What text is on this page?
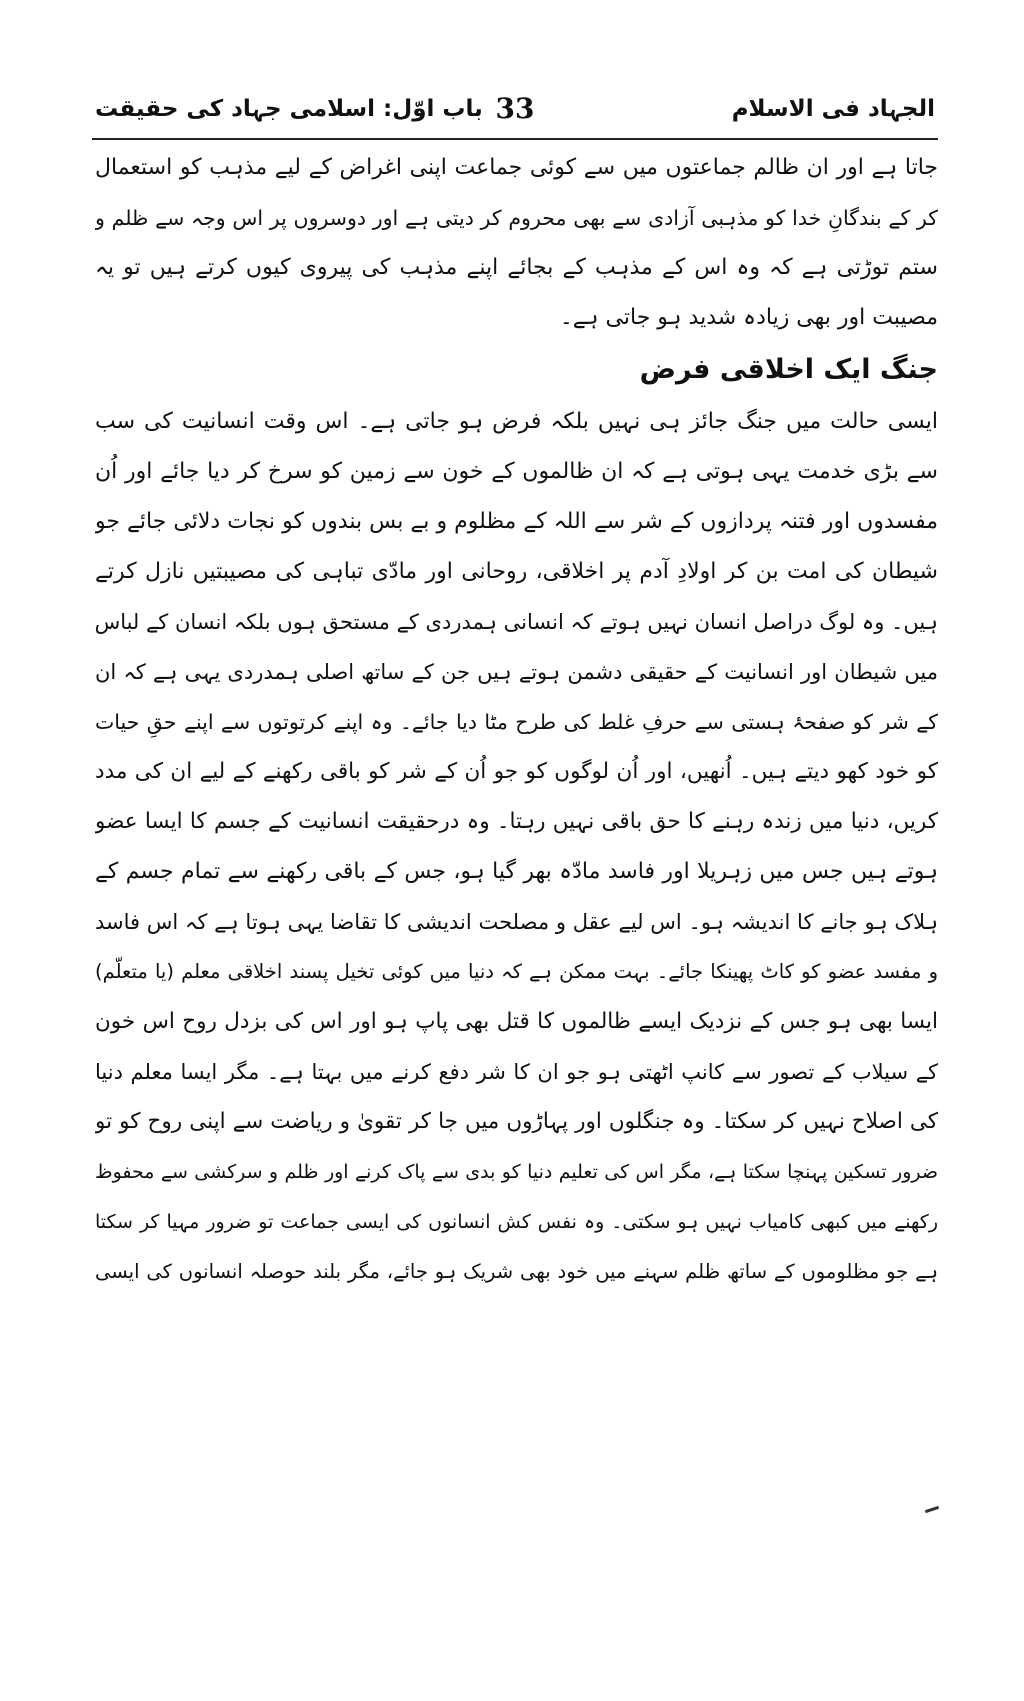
الجہاد فی الاسلام
33
باب اوّل: اسلامی جہاد کی حقیقت
جاتا ہے اور ان ظالم جماعتوں میں سے کوئی جماعت اپنی اغراض کے لیے مذہب کو استعمال
کر کے بندگانِ خدا کو مذہبی آزادی سے بھی محروم کر دیتی ہے اور دوسروں پر اس وجہ سے ظلم و
ستم توڑتی ہے کہ وہ اس کے مذہب کے بجائے اپنے مذہب کی پیروی کیوں کرتے ہیں تو یہ
مصیبت اور بھی زیادہ شدید ہو جاتی ہے۔
جنگ ایک اخلاقی فرض
ایسی حالت میں جنگ جائز ہی نہیں بلکہ فرض ہو جاتی ہے۔ اس وقت انسانیت کی سب
سے بڑی خدمت یہی ہوتی ہے کہ ان ظالموں کے خون سے زمین کو سرخ کر دیا جائے اور اُن
مفسدوں اور فتنہ پردازوں کے شر سے اللہ کے مظلوم و بے بس بندوں کو نجات دلائی جائے جو
شیطان کی امت بن کر اولادِ آدم پر اخلاقی، روحانی اور مادّی تباہی کی مصیبتیں نازل کرتے
ہیں۔ وہ لوگ دراصل انسان نہیں ہوتے کہ انسانی ہمدردی کے مستحق ہوں بلکہ انسان کے لباس
میں شیطان اور انسانیت کے حقیقی دشمن ہوتے ہیں جن کے ساتھ اصلی ہمدردی یہی ہے کہ ان
کے شر کو صفحۂ ہستی سے حرفِ غلط کی طرح مٹا دیا جائے۔ وہ اپنے کرتوتوں سے اپنے حقِ حیات
کو خود کھو دیتے ہیں۔ اُنھیں، اور اُن لوگوں کو جو اُن کے شر کو باقی رکھنے کے لیے ان کی مدد
کریں، دنیا میں زندہ رہنے کا حق باقی نہیں رہتا۔ وہ درحقیقت انسانیت کے جسم کا ایسا عضو
ہوتے ہیں جس میں زہریلا اور فاسد مادّہ بھر گیا ہو، جس کے باقی رکھنے سے تمام جسم کے
ہلاک ہو جانے کا اندیشہ ہو۔ اس لیے عقل و مصلحت اندیشی کا تقاضا یہی ہوتا ہے کہ اس فاسد
و مفسد عضو کو کاٹ پھینکا جائے۔ بہت ممکن ہے کہ دنیا میں کوئی تخیل پسند اخلاقی معلم (یا متعلّم)
ایسا بھی ہو جس کے نزدیک ایسے ظالموں کا قتل بھی پاپ ہو اور اس کی بزدل روح اس خون
کے سیلاب کے تصور سے کانپ اٹھتی ہو جو ان کا شر دفع کرنے میں بہتا ہے۔ مگر ایسا معلم دنیا
کی اصلاح نہیں کر سکتا۔ وہ جنگلوں اور پہاڑوں میں جا کر تقویٰ و ریاضت سے اپنی روح کو تو
ضرور تسکین پہنچا سکتا ہے، مگر اس کی تعلیم دنیا کو بدی سے پاک کرنے اور ظلم و سرکشی سے محفوظ
رکھنے میں کبھی کامیاب نہیں ہو سکتی۔ وہ نفس کش انسانوں کی ایسی جماعت تو ضرور مہیا کر سکتا
ہے جو مظلوموں کے ساتھ ظلم سہنے میں خود بھی شریک ہو جائے، مگر بلند حوصلہ انسانوں کی ایسی
